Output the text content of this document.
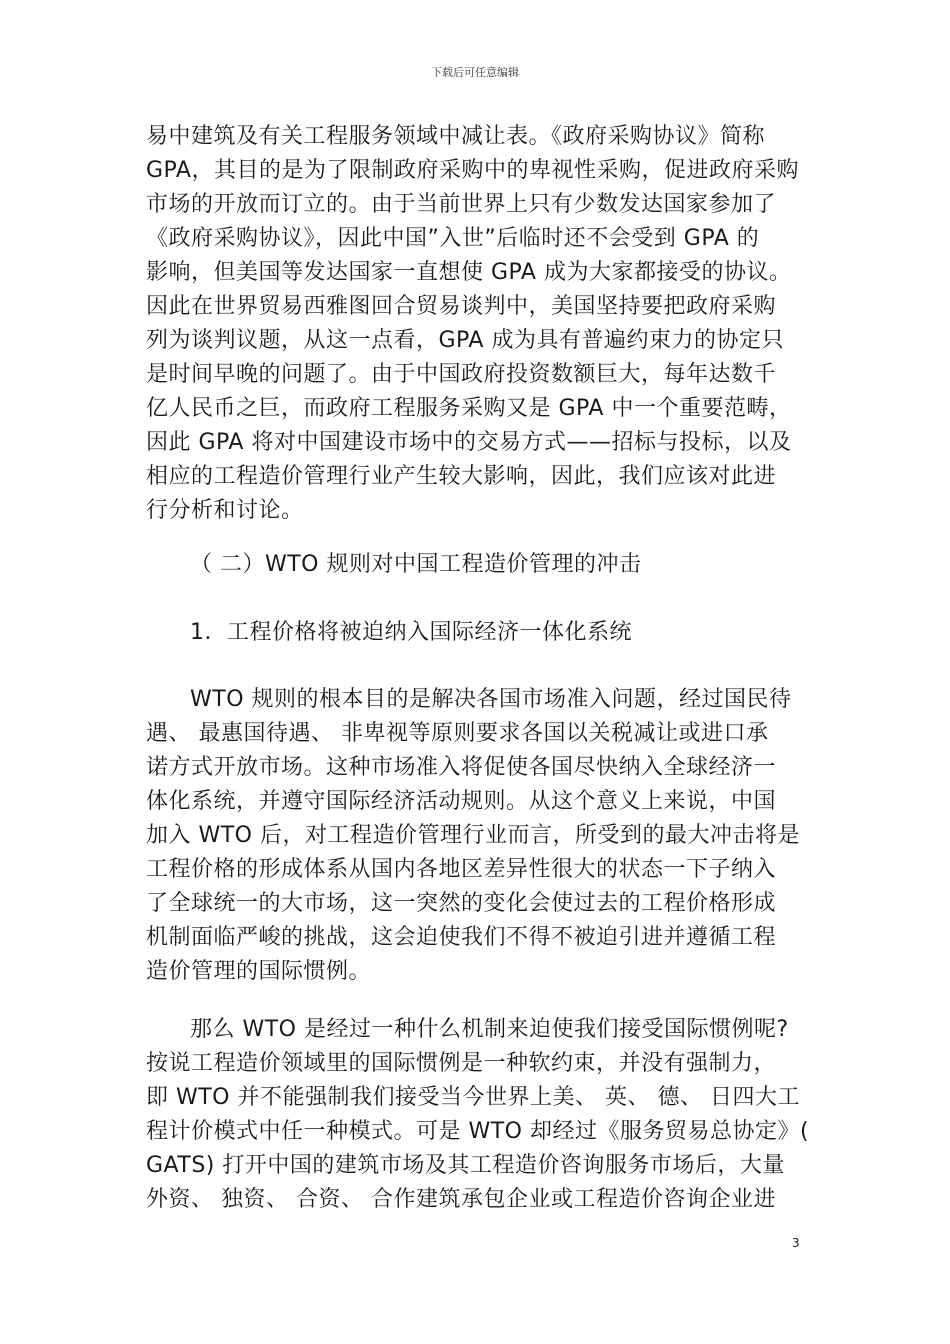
下载后可任意编辑
易中建筑及有关工程服务领域中减让表。《政府采购协议》简称
GPA，其目的是为了限制政府采购中的卑视性采购，促进政府采购
市场的开放而订立的。由于当前世界上只有少数发达国家参加了
《政府采购协议》，因此中国”入世”后临时还不会受到 GPA 的
影响，但美国等发达国家一直想使 GPA 成为大家都接受的协议。
因此在世界贸易西雅图回合贸易谈判中，美国坚持要把政府采购
列为谈判议题，从这一点看，GPA 成为具有普遍约束力的协定只
是时间早晚的问题了。由于中国政府投资数额巨大，每年达数千
亿人民币之巨，而政府工程服务采购又是 GPA 中一个重要范畴，
因此 GPA 将对中国建设市场中的交易方式——招标与投标，以及
相应的工程造价管理行业产生较大影响，因此，我们应该对此进
行分析和讨论。
（ 二）WTO 规则对中国工程造价管理的冲击
1．工程价格将被迫纳入国际经济一体化系统
WTO 规则的根本目的是解决各国市场准入问题，经过国民待
遇、 最惠国待遇、 非卑视等原则要求各国以关税减让或进口承
诺方式开放市场。这种市场准入将促使各国尽快纳入全球经济一
体化系统，并遵守国际经济活动规则。从这个意义上来说，中国
加入 WTO 后，对工程造价管理行业而言，所受到的最大冲击将是
工程价格的形成体系从国内各地区差异性很大的状态一下子纳入
了全球统一的大市场，这一突然的变化会使过去的工程价格形成
机制面临严峻的挑战，这会迫使我们不得不被迫引进并遵循工程
造价管理的国际惯例。
那么 WTO 是经过一种什么机制来迫使我们接受国际惯例呢?
按说工程造价领域里的国际惯例是一种软约束，并没有强制力，
即 WTO 并不能强制我们接受当今世界上美、 英、 德、 日四大工
程计价模式中任一种模式。可是 WTO 却经过《服务贸易总协定》(
GATS) 打开中国的建筑市场及其工程造价咨询服务市场后，大量
外资、 独资、 合资、 合作建筑承包企业或工程造价咨询企业进
3
